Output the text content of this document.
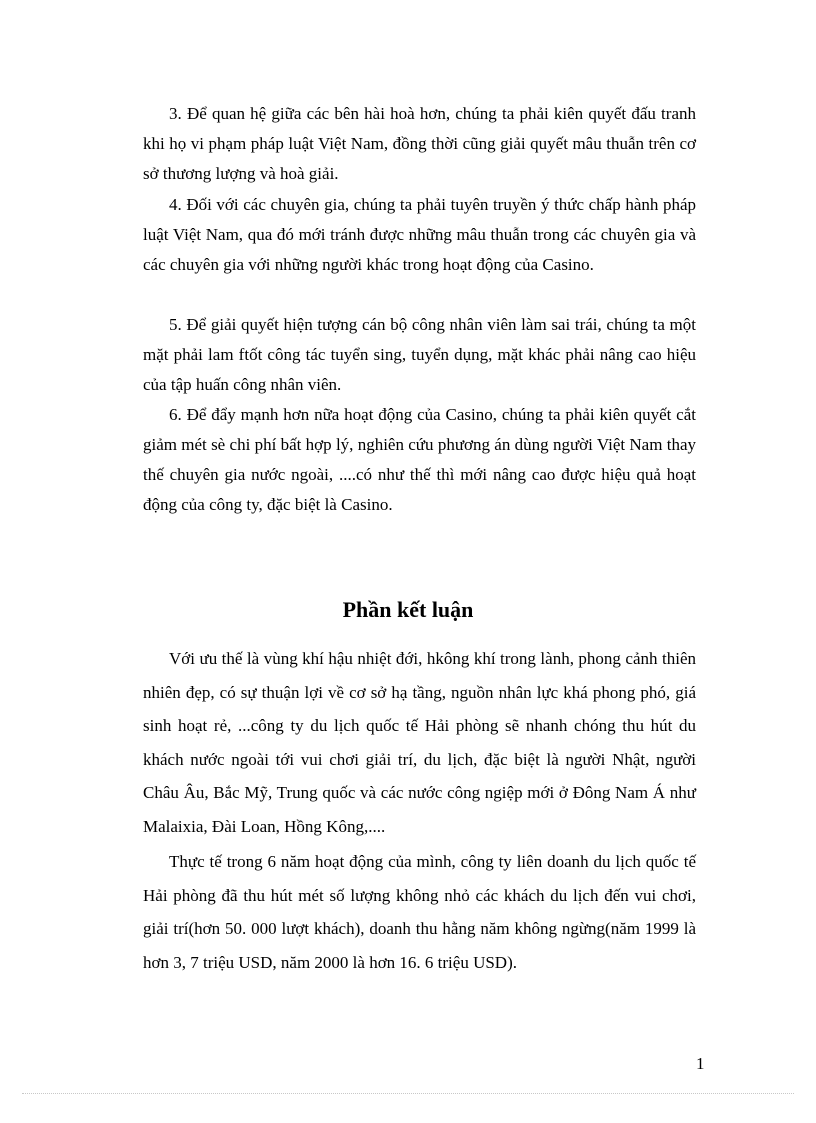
3. Để quan hệ giữa các bên hài hoà hơn, chúng ta phải kiên quyết đấu tranh khi họ vi phạm pháp luật Việt Nam, đồng thời cũng giải quyết mâu thuẫn trên cơ sở thương lượng và hoà giải.

4. Đối với các chuyên gia, chúng ta phải tuyên truyền ý thức chấp hành pháp luật Việt Nam, qua đó mới tránh được những mâu thuẫn trong các chuyên gia và các chuyên gia với những người khác trong hoạt động của Casino.

5. Để giải quyết hiện tượng cán bộ công nhân viên làm sai trái, chúng ta một mặt phải lam ftốt công tác tuyển sing, tuyển dụng, mặt khác phải nâng cao hiệu của tập huấn công nhân viên.

6. Để đẩy mạnh hơn nữa hoạt động của Casino, chúng ta phải kiên quyết cắt giảm mét sè chi phí bất hợp lý, nghiên cứu phương án dùng người Việt Nam thay thế chuyên gia nước ngoài, ....có như thế thì mới nâng cao được hiệu quả hoạt động của công ty, đặc biệt là Casino.

Phần kết luận

Với ưu thế là vùng khí hậu nhiệt đới, hkông khí trong lành, phong cảnh thiên nhiên đẹp, có sự thuận lợi về cơ sở hạ tầng, nguồn nhân lực khá phong phó, giá sinh hoạt rẻ, ...công ty du lịch quốc tế Hải phòng sẽ nhanh chóng thu hút du khách nước ngoài tới vui chơi giải trí, du lịch, đặc biệt là người Nhật, người Châu Âu, Bắc Mỹ, Trung quốc và các nước công ngiệp mới ở Đông Nam Á như Malaixia, Đài Loan, Hồng Kông,....

Thực tế trong 6 năm hoạt động của mình, công ty liên doanh du lịch quốc tế Hải phòng đã thu hút mét số lượng không nhỏ các khách du lịch đến vui chơi, giải trí(hơn 50. 000 lượt khách), doanh thu hằng năm không ngừng(năm 1999 là hơn 3, 7 triệu USD, năm 2000 là hơn 16. 6 triệu USD).

1
